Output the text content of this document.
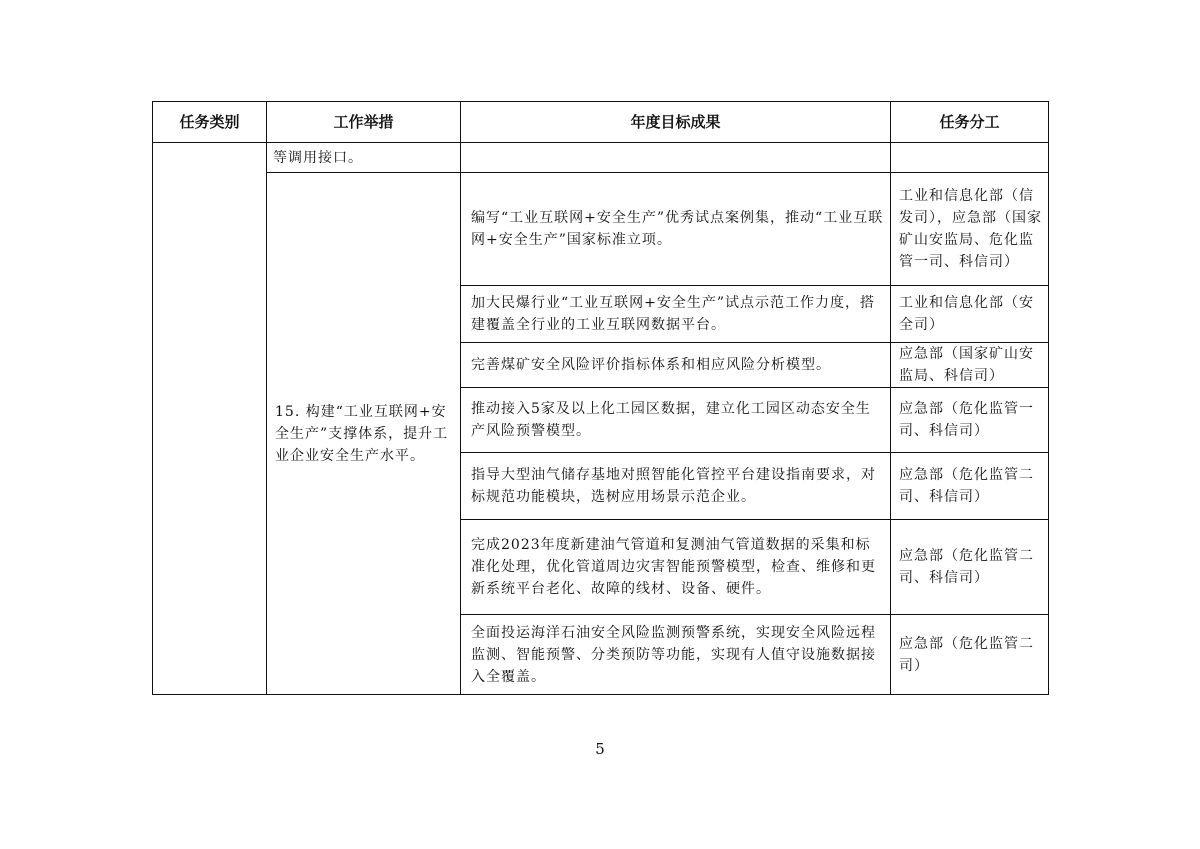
任务类别	工作举措	年度目标成果	任务分工

	等调用接口。		

	15. 构建“工业互联网+安全生产”支撑体系，提升工业企业安全生产水平。	编写“工业互联网+安全生产”优秀试点案例集，推动“工业互联网+安全生产”国家标准立项。	工业和信息化部（信发司），应急部（国家矿山安监局、危化监管一司、科信司）

		加大民爆行业“工业互联网+安全生产”试点示范工作力度，搭建覆盖全行业的工业互联网数据平台。	工业和信息化部（安全司）

		完善煤矿安全风险评价指标体系和相应风险分析模型。	应急部（国家矿山安监局、科信司）

		推动接入5家及以上化工园区数据，建立化工园区动态安全生产风险预警模型。	应急部（危化监管一司、科信司）

		指导大型油气储存基地对照智能化管控平台建设指南要求，对标规范功能模块，选树应用场景示范企业。	应急部（危化监管二司、科信司）

		完成2023年度新建油气管道和复测油气管道数据的采集和标准化处理，优化管道周边灾害智能预警模型，检查、维修和更新系统平台老化、故障的线材、设备、硬件。	应急部（危化监管二司、科信司）

		全面投运海洋石油安全风险监测预警系统，实现安全风险远程监测、智能预警、分类预防等功能，实现有人值守设施数据接入全覆盖。	应急部（危化监管二司）
5
